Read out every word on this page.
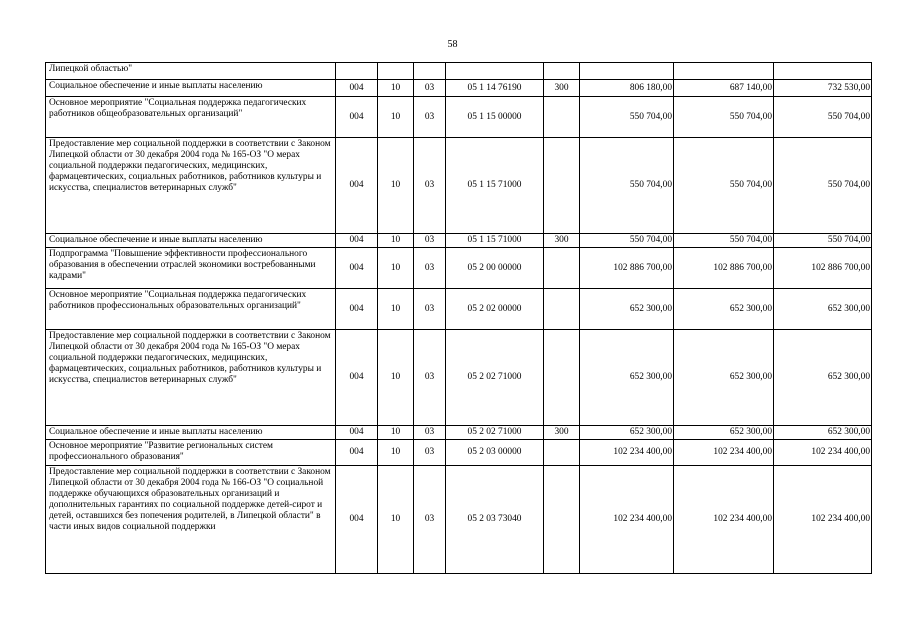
58
Липецкой областью"								
Социальное обеспечение и иные выплаты населению	004	10	03	05 1 14 76190	300	806 180,00	687 140,00	732 530,00
Основное мероприятие "Социальная поддержка педагогических работников общеобразовательных организаций"	004	10	03	05 1 15 00000		550 704,00	550 704,00	550 704,00
Предоставление мер социальной поддержки в соответствии с Законом Липецкой области от 30 декабря 2004 года № 165-ОЗ "О мерах социальной поддержки педагогических, медицинских, фармацевтических, социальных работников, работников культуры и искусства, специалистов ветеринарных служб"	004	10	03	05 1 15 71000		550 704,00	550 704,00	550 704,00
Социальное обеспечение и иные выплаты населению	004	10	03	05 1 15 71000	300	550 704,00	550 704,00	550 704,00
Подпрограмма "Повышение эффективности профессионального образования в обеспечении отраслей экономики востребованными кадрами"	004	10	03	05 2 00 00000		102 886 700,00	102 886 700,00	102 886 700,00
Основное мероприятие "Социальная поддержка педагогических работников профессиональных образовательных организаций"	004	10	03	05 2 02 00000		652 300,00	652 300,00	652 300,00
Предоставление мер социальной поддержки в соответствии с Законом Липецкой области от 30 декабря 2004 года № 165-ОЗ "О мерах социальной поддержки педагогических, медицинских, фармацевтических, социальных работников, работников культуры и искусства, специалистов ветеринарных служб"	004	10	03	05 2 02 71000		652 300,00	652 300,00	652 300,00
Социальное обеспечение и иные выплаты населению	004	10	03	05 2 02 71000	300	652 300,00	652 300,00	652 300,00
Основное мероприятие "Развитие региональных систем профессионального образования"	004	10	03	05 2 03 00000		102 234 400,00	102 234 400,00	102 234 400,00
Предоставление мер социальной поддержки в соответствии с Законом Липецкой области от 30 декабря 2004 года № 166-ОЗ "О социальной поддержке обучающихся образовательных организаций и дополнительных гарантиях по социальной поддержке детей-сирот и детей, оставшихся без попечения родителей, в Липецкой области" в части иных видов социальной поддержки	004	10	03	05 2 03 73040		102 234 400,00	102 234 400,00	102 234 400,00
